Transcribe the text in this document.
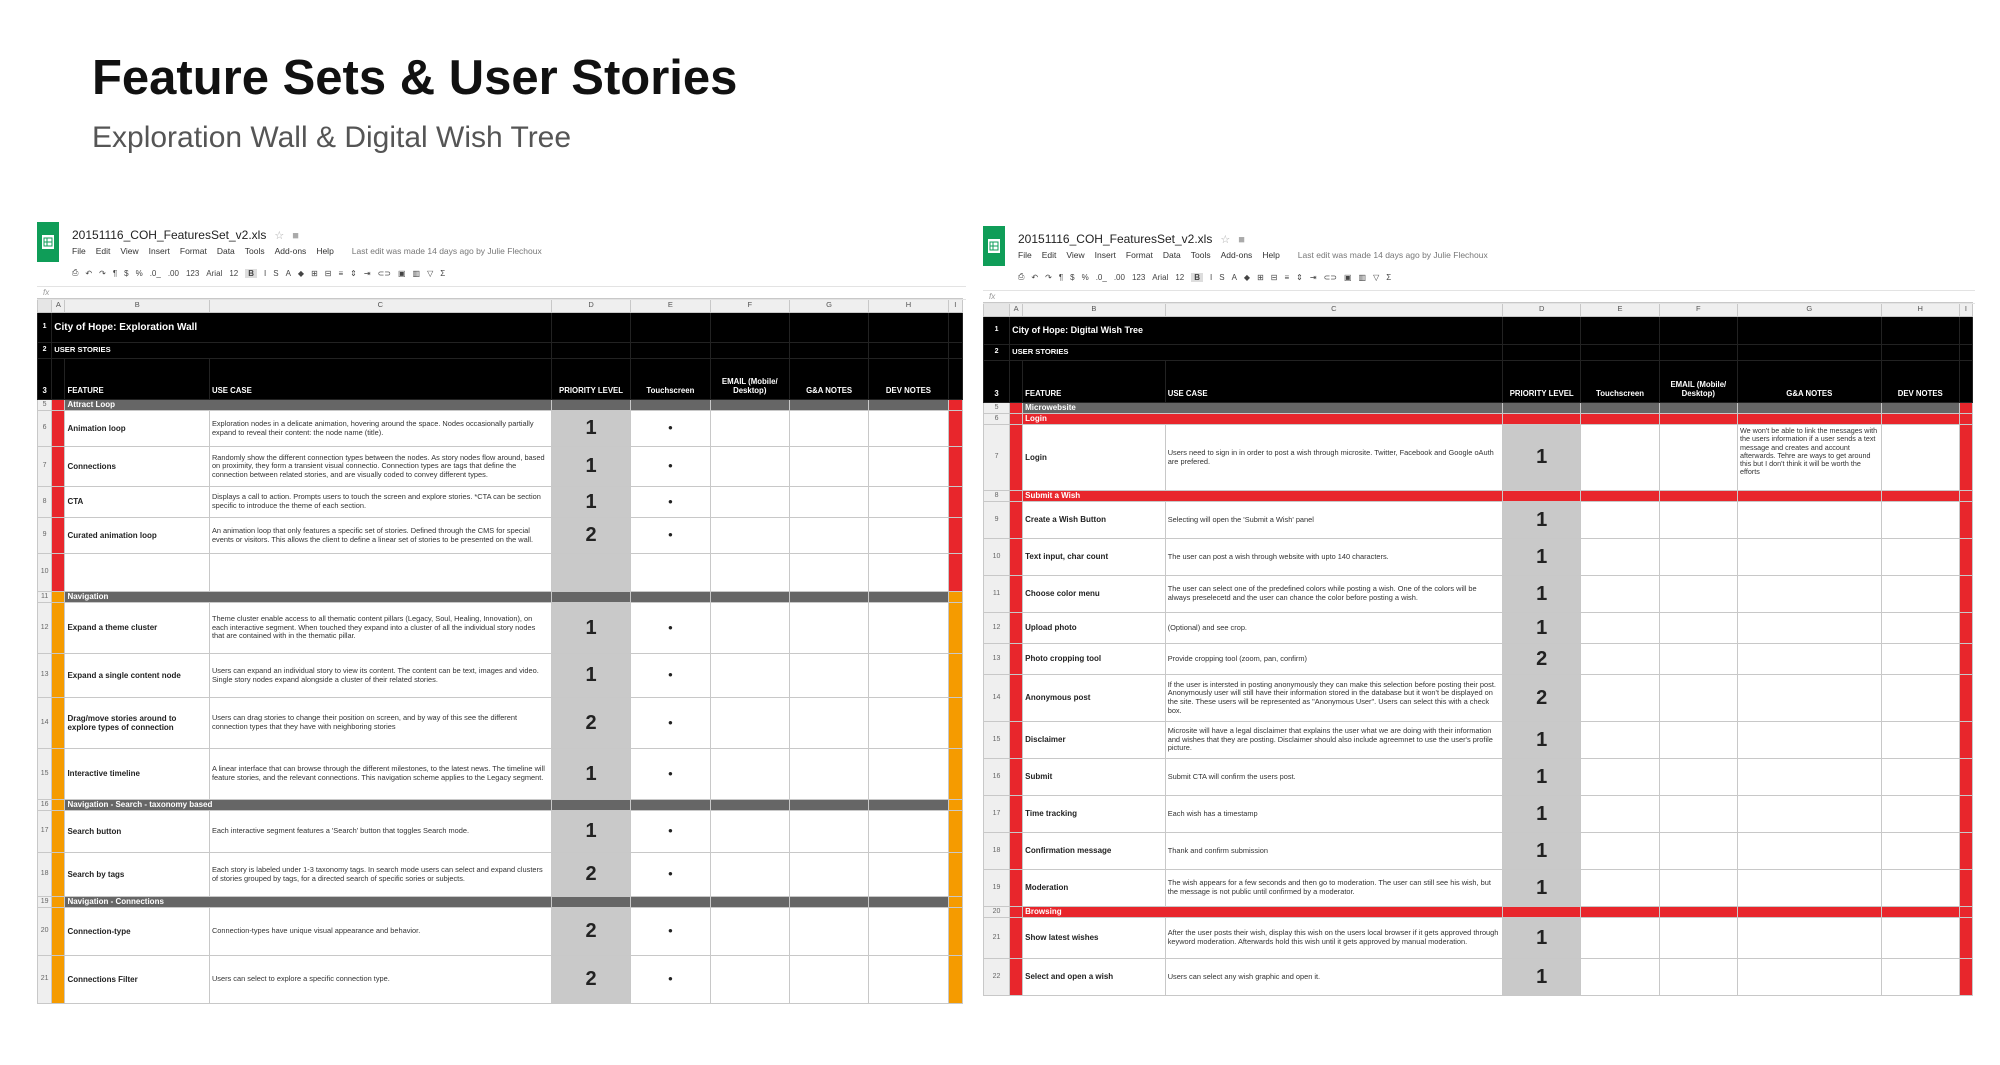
Feature Sets & User Stories

Exploration Wall & Digital Wish Tree

20151116_COH_FeaturesSet_v2.xls ☆ ■
File Edit View Insert Format Data Tools Add-ons Help Last edit was made 14 days ago by Julie Flechoux
⎙ ↶ ↷ ¶ $ % .0_ .00 123 Arial 12	B	I S A ◆ ⊞ ⊟ ≡ ⇕ ⇥ ⊂⊃ ▣ ▥ ▽ Σ
fx
	A	B	C	D	E	F	G	H	I
1	City of Hope: Exploration Wall								
2	USER STORIES								
3		FEATURE	USE CASE	PRIORITY LEVEL	Touchscreen	EMAIL (Mobile/ Desktop)	G&A NOTES	DEV NOTES	
5		Attract Loop							
6		Animation loop	Exploration nodes in a delicate animation, hovering around the space. Nodes occasionally partially expand to reveal their content: the node name (title).	1	•				
7		Connections	Randomly show the different connection types between the nodes. As story nodes flow around, based on proximity, they form a transient visual connectio. Connection types are tags that define the connection between related stories, and are visually coded to convey different types.	1	•				
8		CTA	Displays a call to action. Prompts users to touch the screen and explore stories. *CTA can be section specific to introduce the theme of each section.	1	•				
9		Curated animation loop	An animation loop that only features a specific set of stories. Defined through the CMS for special events or visitors. This allows the client to define a linear set of stories to be presented on the wall.	2	•				
10									
11		Navigation							
12		Expand a theme cluster	Theme cluster enable access to all thematic content pillars (Legacy, Soul, Healing, Innovation), on each interactive segment. When touched they expand into a cluster of all the individual story nodes that are contained with in the thematic pillar.	1	•				
13		Expand a single content node	Users can expand an individual story to view its content. The content can be text, images and video. Single story nodes expand alongside a cluster of their related stories.	1	•				
14		Drag/move stories around to explore types of connection	Users can drag stories to change their position on screen, and by way of this see the different connection types that they have with neighboring stories	2	•				
15		Interactive timeline	A linear interface that can browse through the different milestones, to the latest news. The timeline will feature stories, and the relevant connections. This navigation scheme applies to the Legacy segment.	1	•				
16		Navigation - Search - taxonomy based							
17		Search button	Each interactive segment features a 'Search' button that toggles Search mode.	1	•				
18		Search by tags	Each story is labeled under 1-3 taxonomy tags. In search mode users can select and expand clusters of stories grouped by tags, for a directed search of specific sories or subjects.	2	•				
19		Navigation - Connections							
20		Connection-type	Connection-types have unique visual appearance and behavior.	2	•				
21		Connections Filter	Users can select to explore a specific connection type.	2	•				
20151116_COH_FeaturesSet_v2.xls ☆ ■
File Edit View Insert Format Data Tools Add-ons Help Last edit was made 14 days ago by Julie Flechoux
⎙ ↶ ↷ ¶ $ % .0_ .00 123 Arial 12	B	I S A ◆ ⊞ ⊟ ≡ ⇕ ⇥ ⊂⊃ ▣ ▥ ▽ Σ
fx
	A	B	C	D	E	F	G	H	I
1	City of Hope: Digital Wish Tree								
2	USER STORIES								
3		FEATURE	USE CASE	PRIORITY LEVEL	Touchscreen	EMAIL (Mobile/ Desktop)	G&A NOTES	DEV NOTES	
5		Microwebsite							
6		Login							
7		Login	Users need to sign in in order to post a wish through microsite. Twitter, Facebook and Google oAuth are prefered.	1			We won't be able to link the messages with the users information if a user sends a text message and creates and account afterwards. Tehre are ways to get around this but I don't think it will be worth the efforts		
8		Submit a Wish							
9		Create a Wish Button	Selecting will open the 'Submit a Wish' panel	1					
10		Text input, char count	The user can post a wish through website with upto 140 characters.	1					
11		Choose color menu	The user can select one of the predefined colors while posting a wish. One of the colors will be always preselecetd and the user can chance the color before posting a wish.	1					
12		Upload photo	(Optional) and see crop.	1					
13		Photo cropping tool	Provide cropping tool (zoom, pan, confirm)	2					
14		Anonymous post	If the user is intersted in posting anonymously they can make this selection before posting their post. Anonymously user will still have their information stored in the database but it won't be displayed on the site. These users will be represented as "Anonymous User". Users can select this with a check box.	2					
15		Disclaimer	Microsite will have a legal disclaimer that explains the user what we are doing with their information and wishes that they are posting. Disclaimer should also include agreemnet to use the user's profile picture.	1					
16		Submit	Submit CTA will confirm the users post.	1					
17		Time tracking	Each wish has a timestamp	1					
18		Confirmation message	Thank and confirm submission	1					
19		Moderation	The wish appears for a few seconds and then go to moderation. The user can still see his wish, but the message is not public until confirmed by a moderator.	1					
20		Browsing							
21		Show latest wishes	After the user posts their wish, display this wish on the users local browser if it gets approved through keyword moderation. Afterwards hold this wish until it gets approved by manual moderation.	1					
22		Select and open a wish	Users can select any wish graphic and open it.	1					
